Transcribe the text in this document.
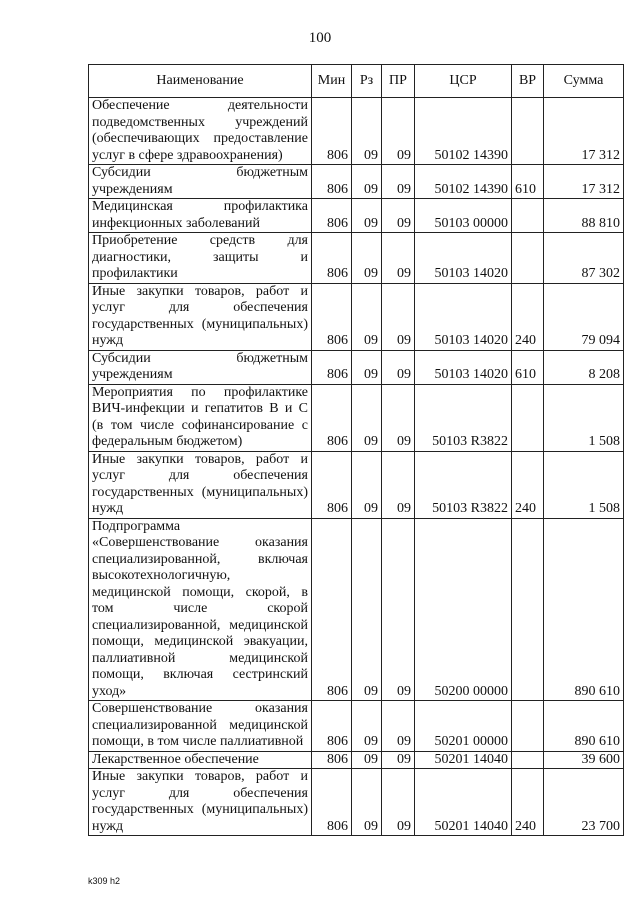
100
Наименование	Мин	Рз	ПР	ЦСР	ВР	Сумма
Обеспечение деятельности подведомственных учреждений (обеспечивающих предоставление услуг в сфере здравоохранения)	806	09	09	50102 14390		17 312
Субсидии бюджетным учреждениям	806	09	09	50102 14390	610	17 312
Медицинская профилактика инфекционных заболеваний	806	09	09	50103 00000		88 810
Приобретение средств для диагностики, защиты и профилактики	806	09	09	50103 14020		87 302
Иные закупки товаров, работ и услуг для обеспечения государственных (муниципальных) нужд	806	09	09	50103 14020	240	79 094
Субсидии бюджетным учреждениям	806	09	09	50103 14020	610	8 208
Мероприятия по профилактике ВИЧ-инфекции и гепатитов В и С (в том числе софинансирование с федеральным бюджетом)	806	09	09	50103 R3822		1 508
Иные закупки товаров, работ и услуг для обеспечения государственных (муниципальных) нужд	806	09	09	50103 R3822	240	1 508
Подпрограмма «Совершенствование оказания специализированной, включая высокотехнологичную, медицинской помощи, скорой, в том числе скорой специализированной, медицинской помощи, медицинской эвакуации, паллиативной медицинской помощи, включая сестринский уход»	806	09	09	50200 00000		890 610
Совершенствование оказания специализированной медицинской помощи, в том числе паллиативной	806	09	09	50201 00000		890 610
Лекарственное обеспечение	806	09	09	50201 14040		39 600
Иные закупки товаров, работ и услуг для обеспечения государственных (муниципальных) нужд	806	09	09	50201 14040	240	23 700
k309 h2
